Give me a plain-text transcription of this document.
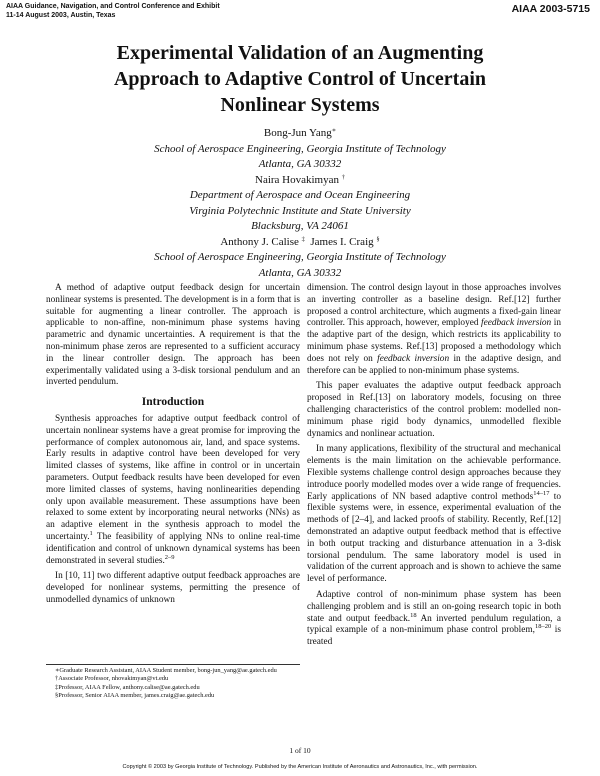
AIAA Guidance, Navigation, and Control Conference and Exhibit
11-14 August 2003, Austin, Texas	AIAA 2003-5715
Experimental Validation of an Augmenting
Approach to Adaptive Control of Uncertain
Nonlinear Systems
Bong-Jun Yang∗
School of Aerospace Engineering, Georgia Institute of Technology
Atlanta, GA 30332
Naira Hovakimyan †
Department of Aerospace and Ocean Engineering
Virginia Polytechnic Institute and State University
Blacksburg, VA 24061
Anthony J. Calise ‡ James I. Craig §
School of Aerospace Engineering, Georgia Institute of Technology
Atlanta, GA 30332

A method of adaptive output feedback design for uncertain nonlinear systems is presented. The development is in a form that is suitable for augmenting a linear controller. The approach is applicable to non-affine, non-minimum phase systems having parametric and dynamic uncertainties. A requirement is that the non-minimum phase zeros are represented to a sufficient accuracy in the linear controller design. The approach has been experimentally validated using a 3-disk torsional pendulum and an inverted pendulum.

Introduction

Synthesis approaches for adaptive output feedback control of uncertain nonlinear systems have a great promise for improving the performance of complex autonomous air, land, and space systems. Early results in adaptive control have been developed for very limited classes of systems, like affine in control or in uncertain parameters. Output feedback results have been developed for even more limited classes of systems, having nonlinearities depending only upon available measurement. These assumptions have been relaxed to some extent by incorporating neural networks (NNs) as an adaptive element in the synthesis approach to model the uncertainty.$^1$ The feasibility of applying NNs to online real-time identification and control of unknown dynamical systems has been demonstrated in several studies.$^{2-9}$

In [10, 11] two different adaptive output feedback approaches are developed for nonlinear systems, permitting the presence of unmodelled dynamics of unknown

dimension. The control design layout in those approaches involves an inverting controller as a baseline design. Ref.[12] further proposed a control architecture, which augments a fixed-gain linear controller. This approach, however, employed feedback inversion in the adaptive part of the design, which restricts its applicability to minimum phase systems. Ref.[13] proposed a methodology which does not rely on feedback inversion in the adaptive design, and therefore can be applied to non-minimum phase systems.

This paper evaluates the adaptive output feedback approach proposed in Ref.[13] on laboratory models, focusing on three challenging characteristics of the control problem: modelled non-minimum phase rigid body dynamics, unmodelled flexible dynamics and nonlinear actuation.

In many applications, flexibility of the structural and mechanical elements is the main limitation on the achievable performance. Flexible systems challenge control design approaches because they introduce poorly modelled modes over a wide range of frequencies. Early applications of NN based adaptive control methods$^{14-17}$ to flexible systems were, in essence, experimental evaluation of the methods of [2–4], and lacked proofs of stability. Recently, Ref.[12] demonstrated an adaptive output feedback method that is effective in both output tracking and disturbance attenuation in a 3-disk torsional pendulum. The same laboratory model is used in validation of the current approach and is shown to achieve the same level of performance.

Adaptive control of non-minimum phase system has been challenging problem and is still an on-going research topic in both state and output feedback.$^{18}$ An inverted pendulum regulation, a typical example of a non-minimum phase control problem,$^{18-20}$ is treated

∗Graduate Research Assistant, AIAA Student member, bong-jun_yang@ae.gatech.edu
†Associate Professor, nhovakimyan@vt.edu
‡Professor, AIAA Fellow, anthony.calise@ae.gatech.edu
§Professor, Senior AIAA member, james.craig@ae.gatech.edu
1 of 10
Copyright © 2003 by Georgia Institute of Technology. Published by the American Institute of Aeronautics and Astronautics, Inc., with permission.
